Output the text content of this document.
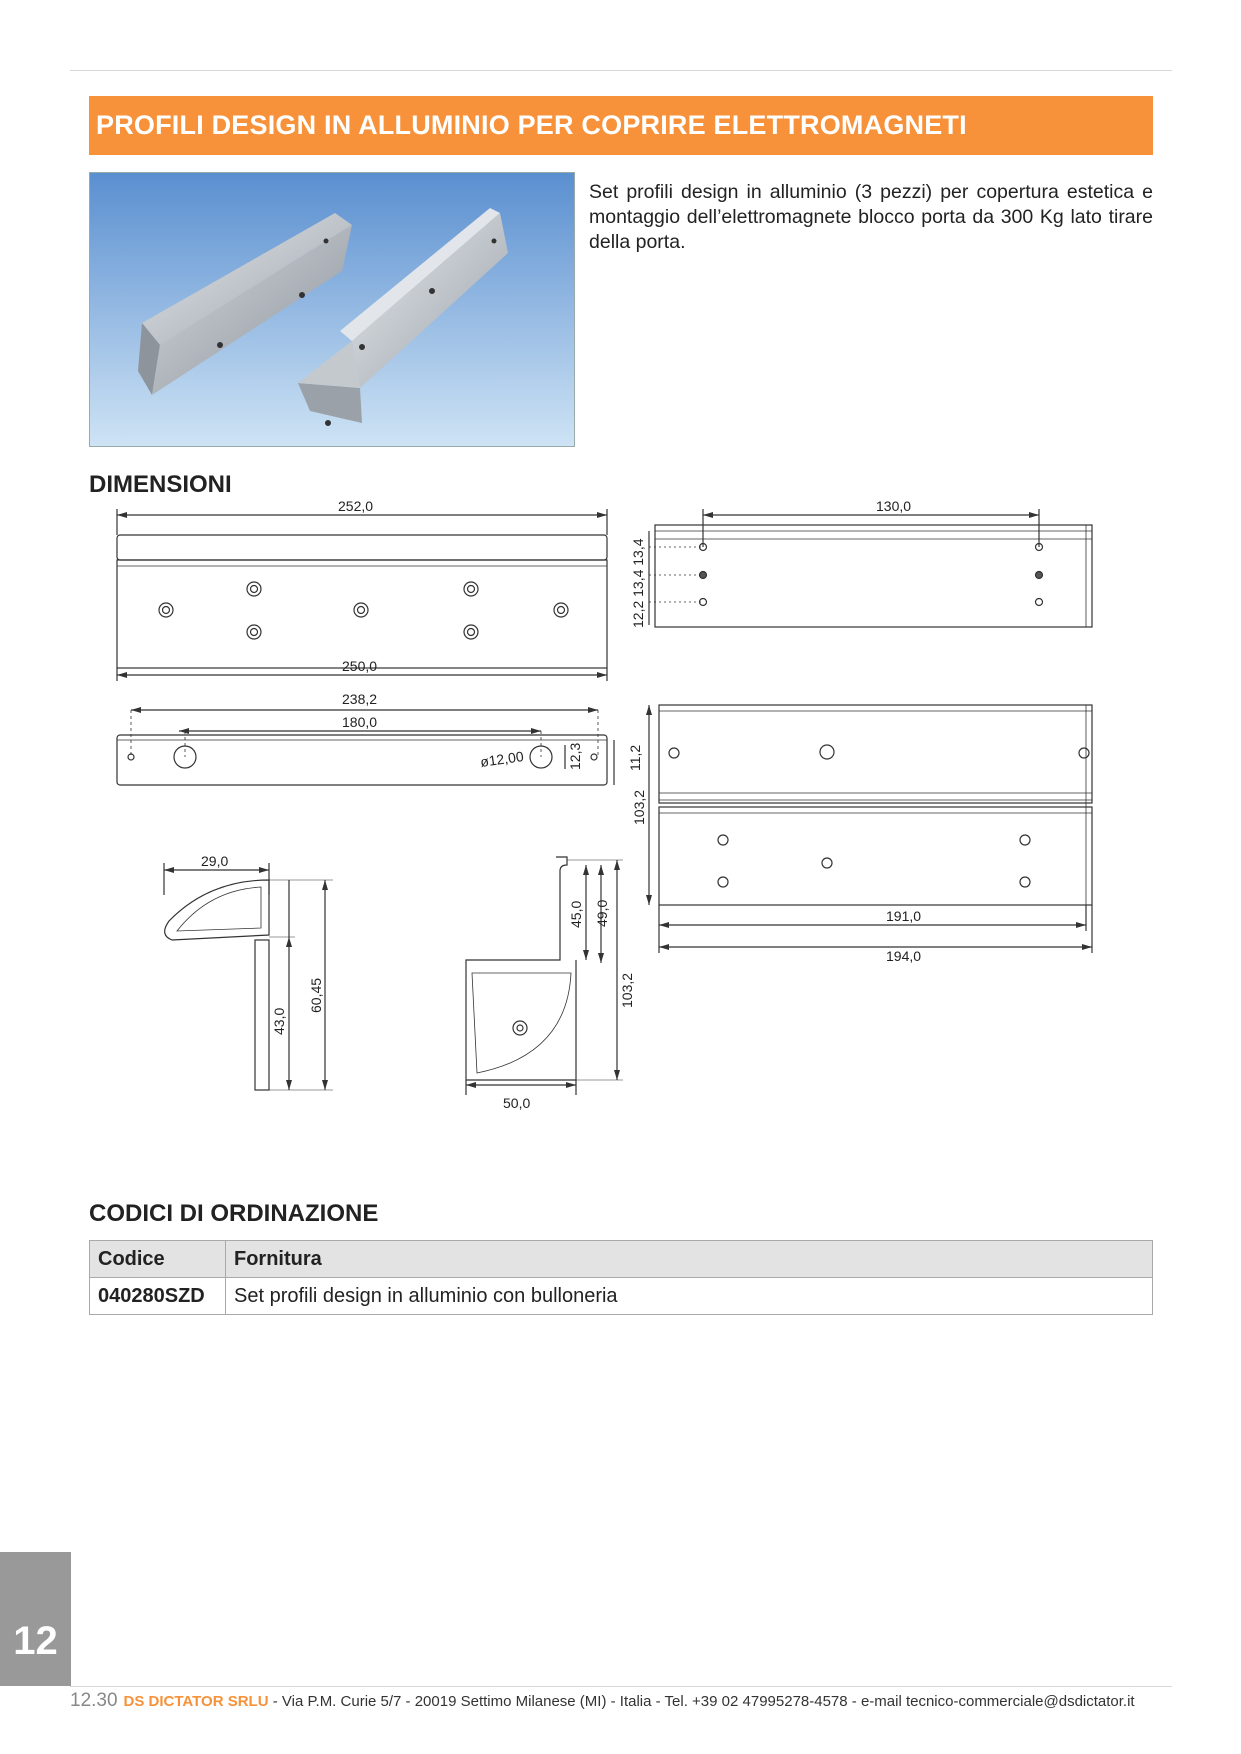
PROFILI DESIGN IN ALLUMINIO PER COPRIRE ELETTROMAGNETI
Set profili design in alluminio (3 pezzi) per copertura estetica e montaggio dell’elettromagnete blocco porta da 300 Kg lato tirare della porta.
DIMENSIONI
252,0
250,0
238,2
180,0
ø12,00	12,3	11,2
130,0
12,2 13,4 13,4
103,2
191,0
194,0
29,0
43,0
60,45
45,0 49,0
103,2
50,0
CODICI DI ORDINAZIONE
Codice	Fornitura
040280SZD	Set profili design in alluminio con bulloneria
12
12.30 DS DICTATOR SRLU - Via P.M. Curie 5/7 - 20019 Settimo Milanese (MI) - Italia - Tel. +39 02 47995278-4578 - e-mail tecnico-commerciale@dsdictator.it
